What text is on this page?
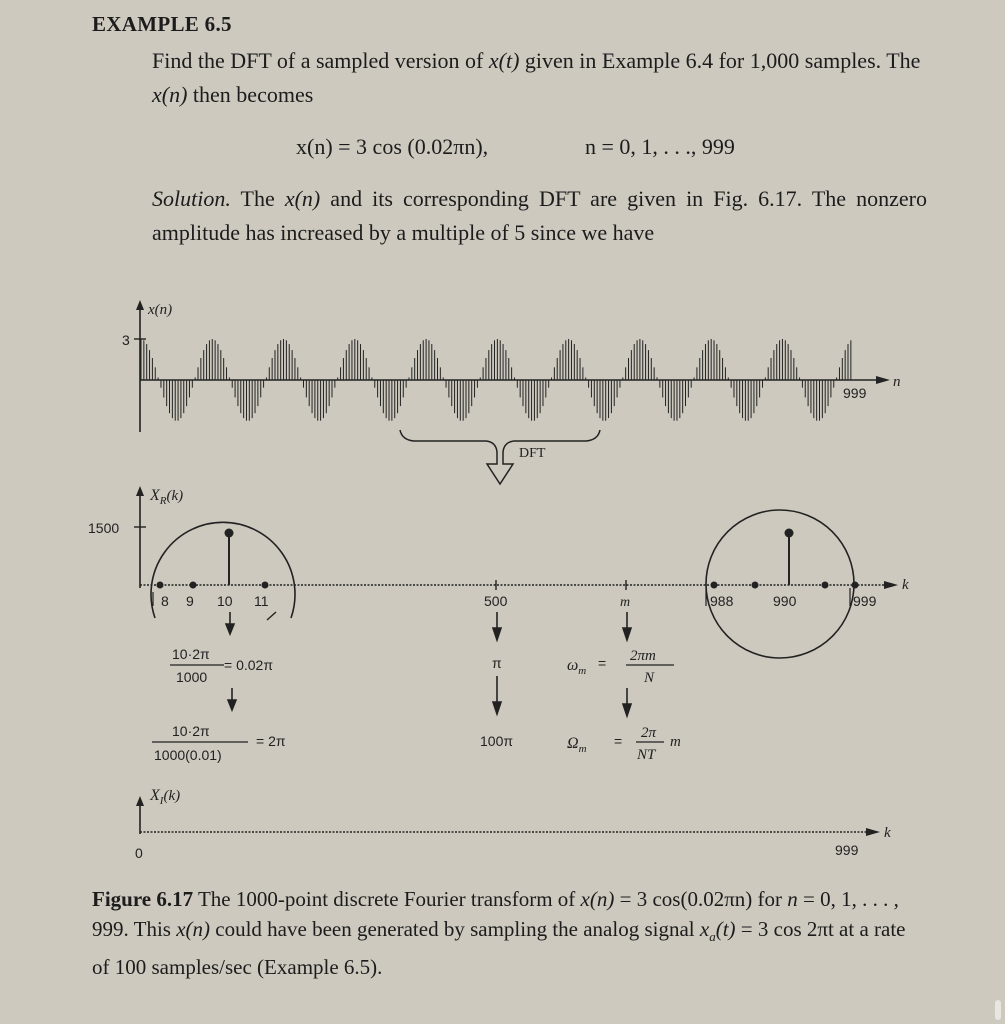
EXAMPLE 6.5
Find the DFT of a sampled version of x(t) given in Example 6.4 for 1,000 samples. The x(n) then becomes
x(n) = 3 cos (0.02πn),	n = 0, 1, . . ., 999
Solution. The x(n) and its corresponding DFT are given in Fig. 6.17. The nonzero amplitude has increased by a multiple of 5 since we have
3
x(n)
n
999
DFT
1500
$X_R(k)$
k
8 9 10 11	988	990	999
500	m
10·2π
1000
= 0.02π
10·2π
1000(0.01)
= 2π
π
100π
$\omega_m = 2\pi m$
N
$\Omega_m = 2\pi$
NT
m
$X_I(k)$
k
0	999
Figure 6.17 The 1000-point discrete Fourier transform of x(n) = 3 cos(0.02πn) for n = 0, 1, . . . , 999. This x(n) could have been generated by sampling the analog signal $x_a(t) = 3$ cos 2πt at a rate of 100 samples/sec (Example 6.5).
